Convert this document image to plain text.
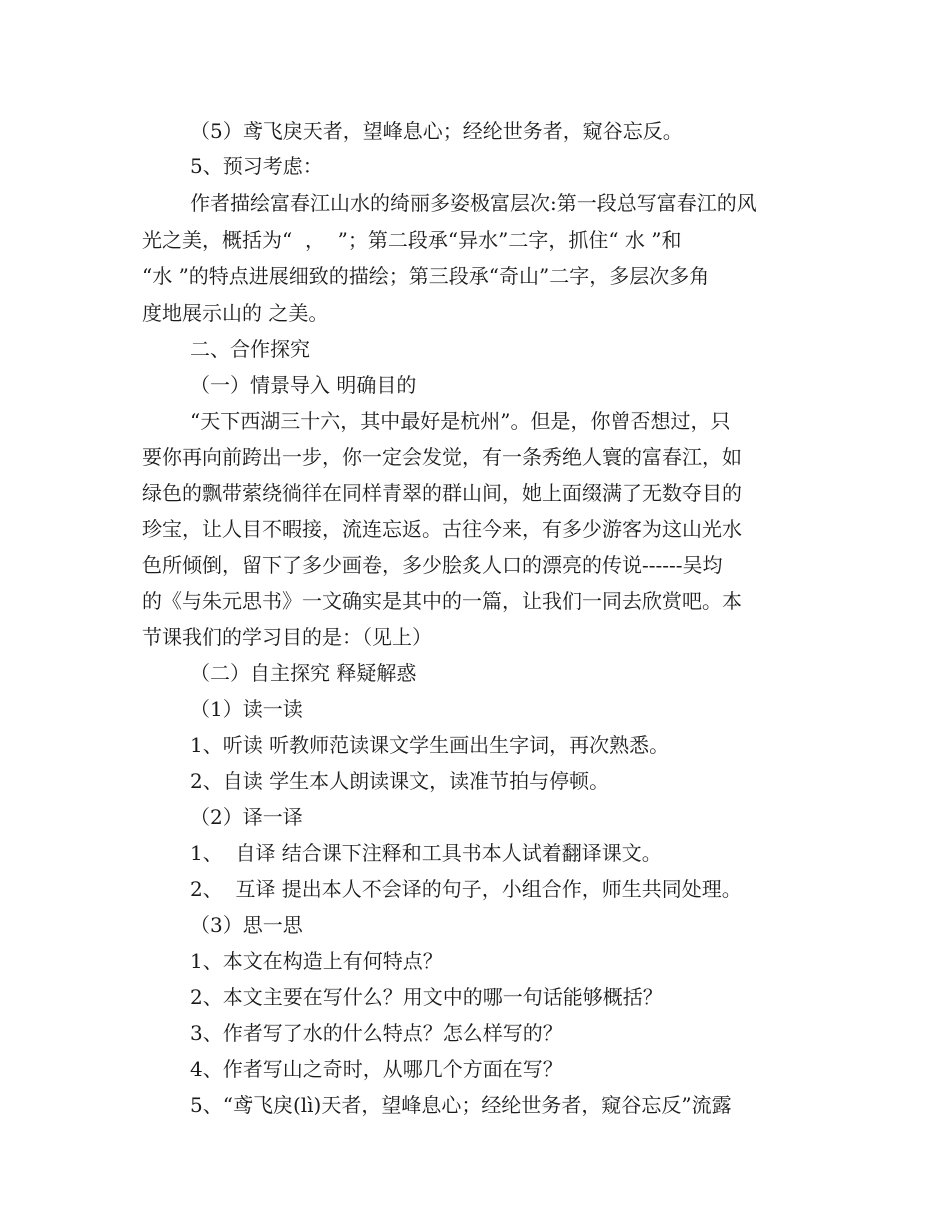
（5）鸢飞戾天者，望峰息心；经纶世务者，窥谷忘反。
5、预习考虑：
作者描绘富春江山水的绮丽多姿极富层次:第一段总写富春江的风
光之美，概括为“  ，  ”；第二段承“异水”二字，抓住“ 水 ”和
“水 ”的特点进展细致的描绘；第三段承“奇山”二字，多层次多角
度地展示山的 之美。
二、合作探究
（一）情景导入 明确目的
“天下西湖三十六，其中最好是杭州”。但是，你曾否想过，只
要你再向前跨出一步，你一定会发觉，有一条秀绝人寰的富春江，如
绿色的飘带萦绕徜徉在同样青翠的群山间，她上面缀满了无数夺目的
珍宝，让人目不暇接，流连忘返。古往今来，有多少游客为这山光水
色所倾倒，留下了多少画卷，多少脍炙人口的漂亮的传说------吴均
的《与朱元思书》一文确实是其中的一篇，让我们一同去欣赏吧。本
节课我们的学习目的是：（见上）
（二）自主探究 释疑解惑
（1）读一读
1、听读 听教师范读课文学生画出生字词，再次熟悉。
2、自读 学生本人朗读课文，读准节拍与停顿。
（2）译一译
1、  自译 结合课下注释和工具书本人试着翻译课文。
2、  互译 提出本人不会译的句子，小组合作，师生共同处理。
（3）思一思
1、本文在构造上有何特点？
2、本文主要在写什么？用文中的哪一句话能够概括？
3、作者写了水的什么特点？怎么样写的？
4、作者写山之奇时，从哪几个方面在写？
5、“鸢飞戾(lì)天者，望峰息心；经纶世务者，窥谷忘反”流露
